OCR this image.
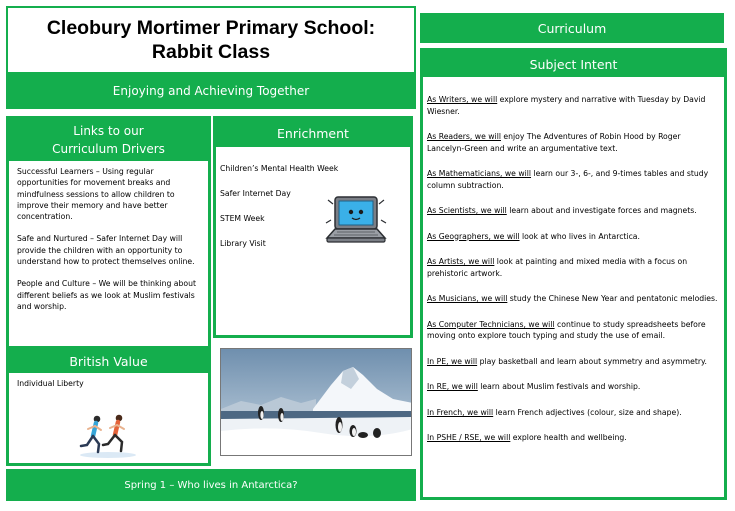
Cleobury Mortimer Primary School:
Rabbit Class
Enjoying and Achieving Together
Curriculum
Links to our
Curriculum Drivers

Successful Learners – Using regular opportunities for movement breaks and mindfulness sessions to allow children to improve their memory and have better concentration.

Safe and Nurtured – Safer Internet Day will provide the children with an opportunity to understand how to protect themselves online.

People and Culture – We will be thinking about different beliefs as we look at Muslim festivals and worship.

Enrichment
Children’s Mental Health Week
Safer Internet Day
STEM Week
Library Visit
British Value
Individual Liberty
Spring 1 – Who lives in Antarctica?
Subject Intent

As Writers, we will explore mystery and narrative with Tuesday by David Wiesner.

As Readers, we will enjoy The Adventures of Robin Hood by Roger Lancelyn-Green and write an argumentative text.

As Mathematicians, we will learn our 3-, 6-, and 9-times tables and study column subtraction.

As Scientists, we will learn about and investigate forces and magnets.

As Geographers, we will look at who lives in Antarctica.

As Artists, we will look at painting and mixed media with a focus on prehistoric artwork.

As Musicians, we will study the Chinese New Year and pentatonic melodies.

As Computer Technicians, we will continue to study spreadsheets before moving onto explore touch typing and study the use of email.

In PE, we will play basketball and learn about symmetry and asymmetry.

In RE, we will learn about Muslim festivals and worship.

In French, we will learn French adjectives (colour, size and shape).

In PSHE / RSE, we will explore health and wellbeing.
